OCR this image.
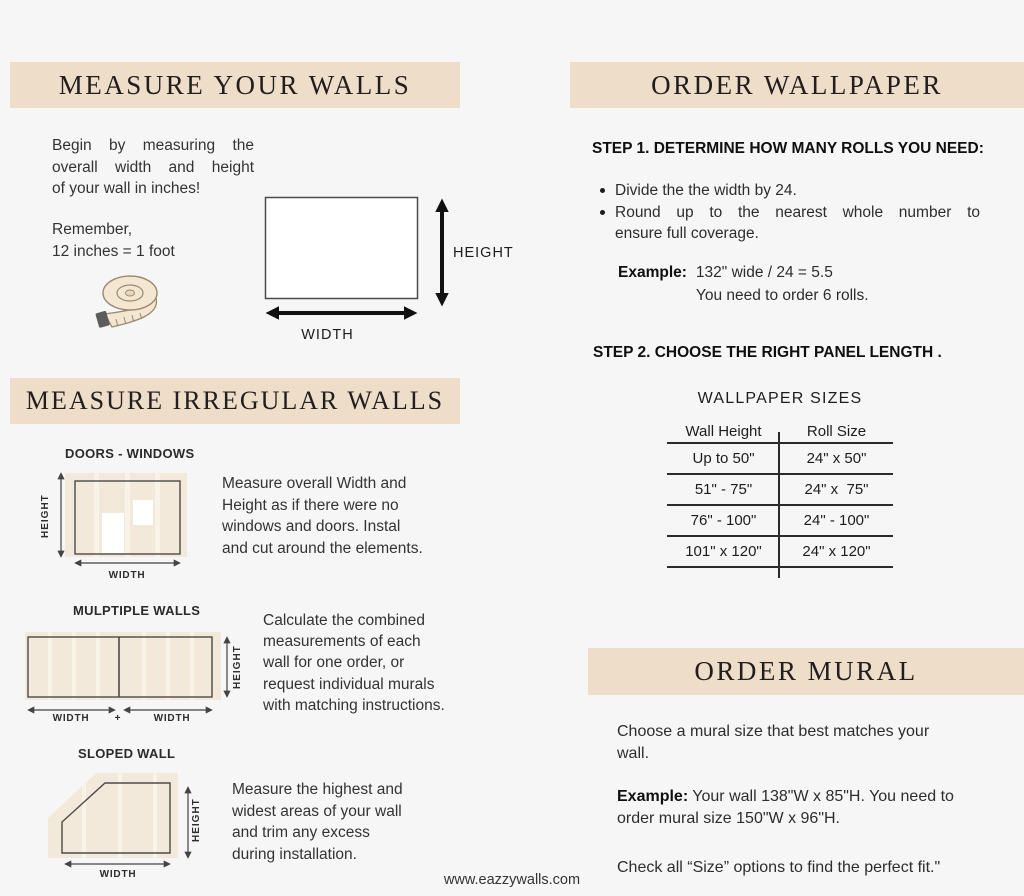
MEASURE YOUR WALLS
Begin by measuring the
overall width and height
of your wall in inches!
Remember,
12 inches = 1 foot	HEIGHT
WIDTH
MEASURE IRREGULAR WALLS
DOORS - WINDOWS
HEIGHT
WIDTH
Measure overall Width and
Height as if there were no
windows and doors. Instal
and cut around the elements.
MULPTIPLE WALLS
HEIGHT
WIDTH	+	WIDTH
Calculate the combined
measurements of each
wall for one order, or
request individual murals
with matching instructions.
SLOPED WALL
HEIGHT
WIDTH
Measure the highest and
widest areas of your wall
and trim any excess
during installation.
ORDER WALLPAPER
STEP 1. DETERMINE HOW MANY ROLLS YOU NEED:
Divide the the width by 24.
Round up to the nearest whole number to
ensure full coverage.
Example: 132" wide / 24 = 5.5
You need to order 6 rolls.
STEP 2. CHOOSE THE RIGHT PANEL LENGTH .
WALLPAPER SIZES
Wall Height	Roll Size
Up to 50"	24" x 50"
51" - 75"	24" x  75"
76" - 100"	24" - 100"
101" x 120"	24" x 120"
ORDER MURAL

Choose a mural size that best matches your
wall.

Example: Your wall 138"W x 85"H. You need to
order mural size 150"W x 96"H.

Check all “Size” options to find the perfect fit."

www.eazzywalls.com
